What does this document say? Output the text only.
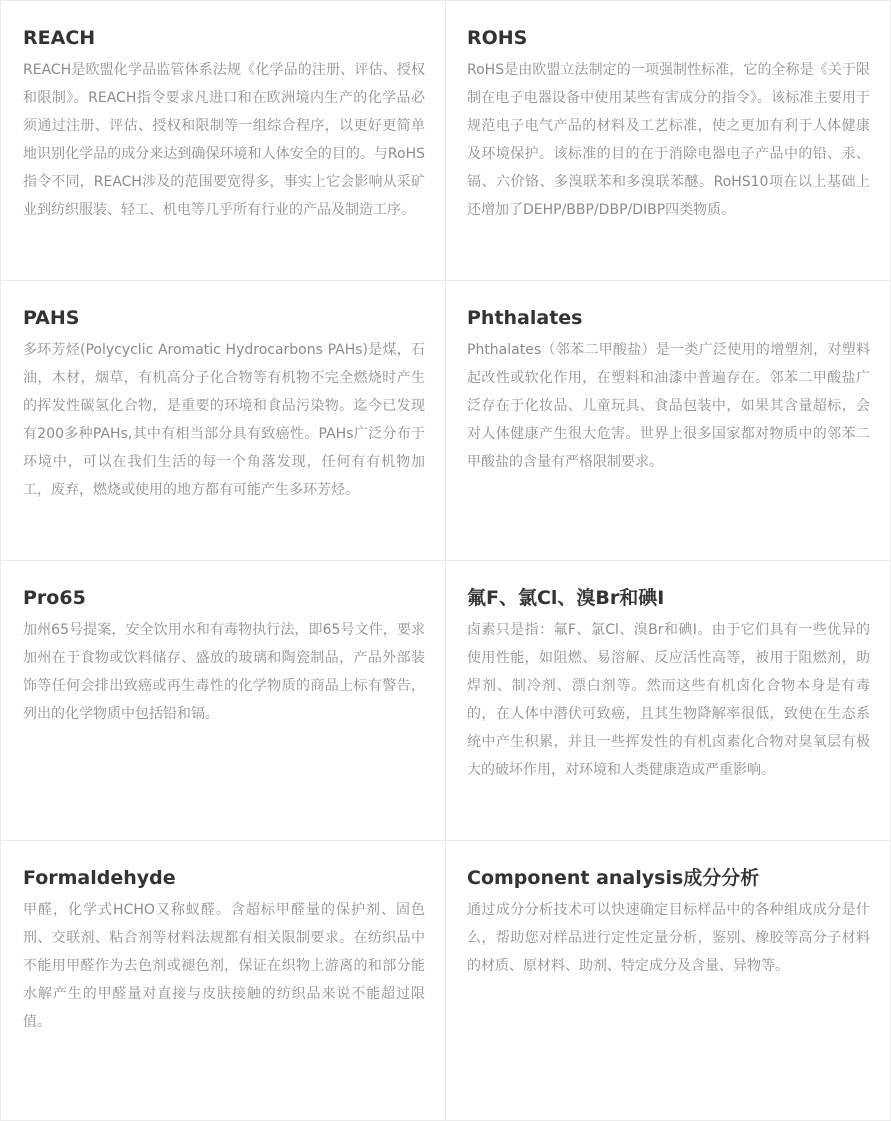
REACH
REACH是欧盟化学品监管体系法规《化学品的注册、评估、授权和限制》。REACH指令要求凡进口和在欧洲境内生产的化学品必须通过注册、评估、授权和限制等一组综合程序，以更好更简单地识别化学品的成分来达到确保环境和人体安全的目的。与RoHS指令不同，REACH涉及的范围要宽得多，事实上它会影响从采矿业到纺织服装、轻工、机电等几乎所有行业的产品及制造工序。
ROHS
RoHS是由欧盟立法制定的一项强制性标准，它的全称是《关于限制在电子电器设备中使用某些有害成分的指令》。该标准主要用于规范电子电气产品的材料及工艺标准，使之更加有利于人体健康及环境保护。该标准的目的在于消除电器电子产品中的铅、汞、镉、六价铬、多溴联苯和多溴联苯醚。RoHS10项在以上基础上还增加了DEHP/BBP/DBP/DIBP四类物质。
PAHS
多环芳烃(Polycyclic Aromatic Hydrocarbons PAHs)是煤，石油，木材，烟草，有机高分子化合物等有机物不完全燃烧时产生的挥发性碳氢化合物，是重要的环境和食品污染物。迄今已发现有200多种PAHs,其中有相当部分具有致癌性。PAHs广泛分布于环境中，可以在我们生活的每一个角落发现，任何有有机物加工，废弃，燃烧或使用的地方都有可能产生多环芳烃。
Phthalates
Phthalates（邻苯二甲酸盐）是一类广泛使用的增塑剂，对塑料起改性或软化作用，在塑料和油漆中普遍存在。邻苯二甲酸盐广泛存在于化妆品、儿童玩具、食品包装中，如果其含量超标，会对人体健康产生很大危害。世界上很多国家都对物质中的邻苯二甲酸盐的含量有严格限制要求。
Pro65
加州65号提案，安全饮用水和有毒物执行法，即65号文件，要求加州在于食物或饮料储存、盛放的玻璃和陶瓷制品，产品外部装饰等任何会排出致癌或再生毒性的化学物质的商品上标有警告，列出的化学物质中包括铅和镉。
氟F、氯Cl、溴Br和碘I
卤素只是指：氟F、氯Cl、溴Br和碘I。由于它们具有一些优异的使用性能，如阻燃、易溶解、反应活性高等，被用于阻燃剂，助焊剂、制冷剂、漂白剂等。然而这些有机卤化合物本身是有毒的，在人体中潜伏可致癌，且其生物降解率很低，致使在生态系统中产生积累，并且一些挥发性的有机卤素化合物对臭氧层有极大的破坏作用，对环境和人类健康造成严重影响。
Formaldehyde
甲醛，化学式HCHO又称蚁醛。含超标甲醛量的保护剂、固色刑、交联剂、粘合剂等材料法规都有相关限制要求。在纺织品中不能用甲醛作为去色剂或褪色剂，保证在织物上游离的和部分能水解产生的甲醛量对直接与皮肤接触的纺织品来说不能超过限值。
Component analysis成分分析
通过成分分析技术可以快速确定目标样品中的各种组成成分是什么，帮助您对样品进行定性定量分析，鉴别、橡胶等高分子材料的材质、原材料、助剂、特定成分及含量、异物等。
